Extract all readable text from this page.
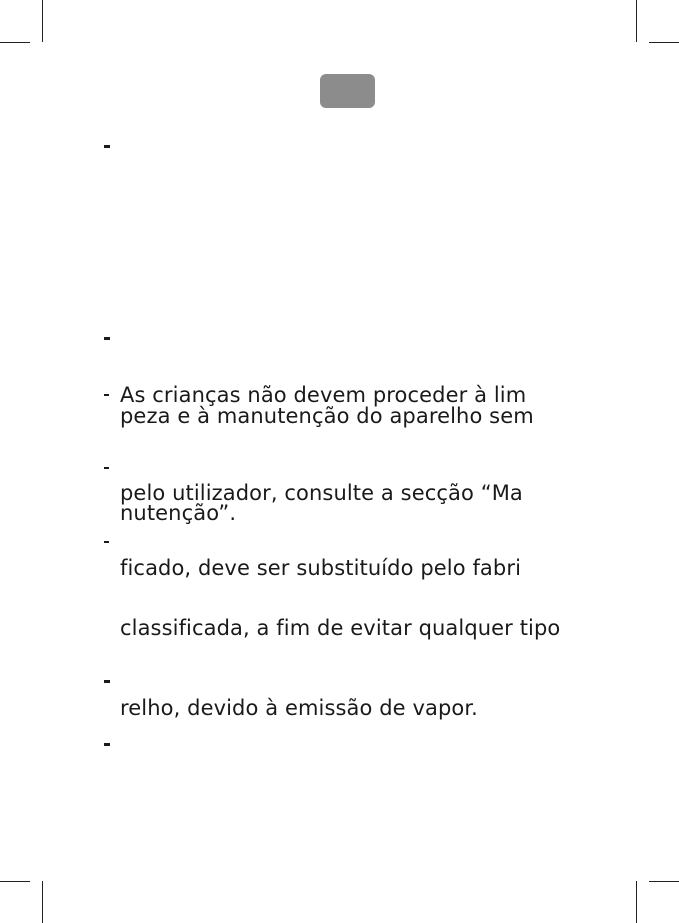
As crianças não devem proceder à lim
peza e à manutenção do aparelho sem
pelo utilizador, consulte a secção “Ma
nutenção”.
ficado, deve ser substituído pelo fabri
classificada, a fim de evitar qualquer tipo
relho, devido à emissão de vapor.
